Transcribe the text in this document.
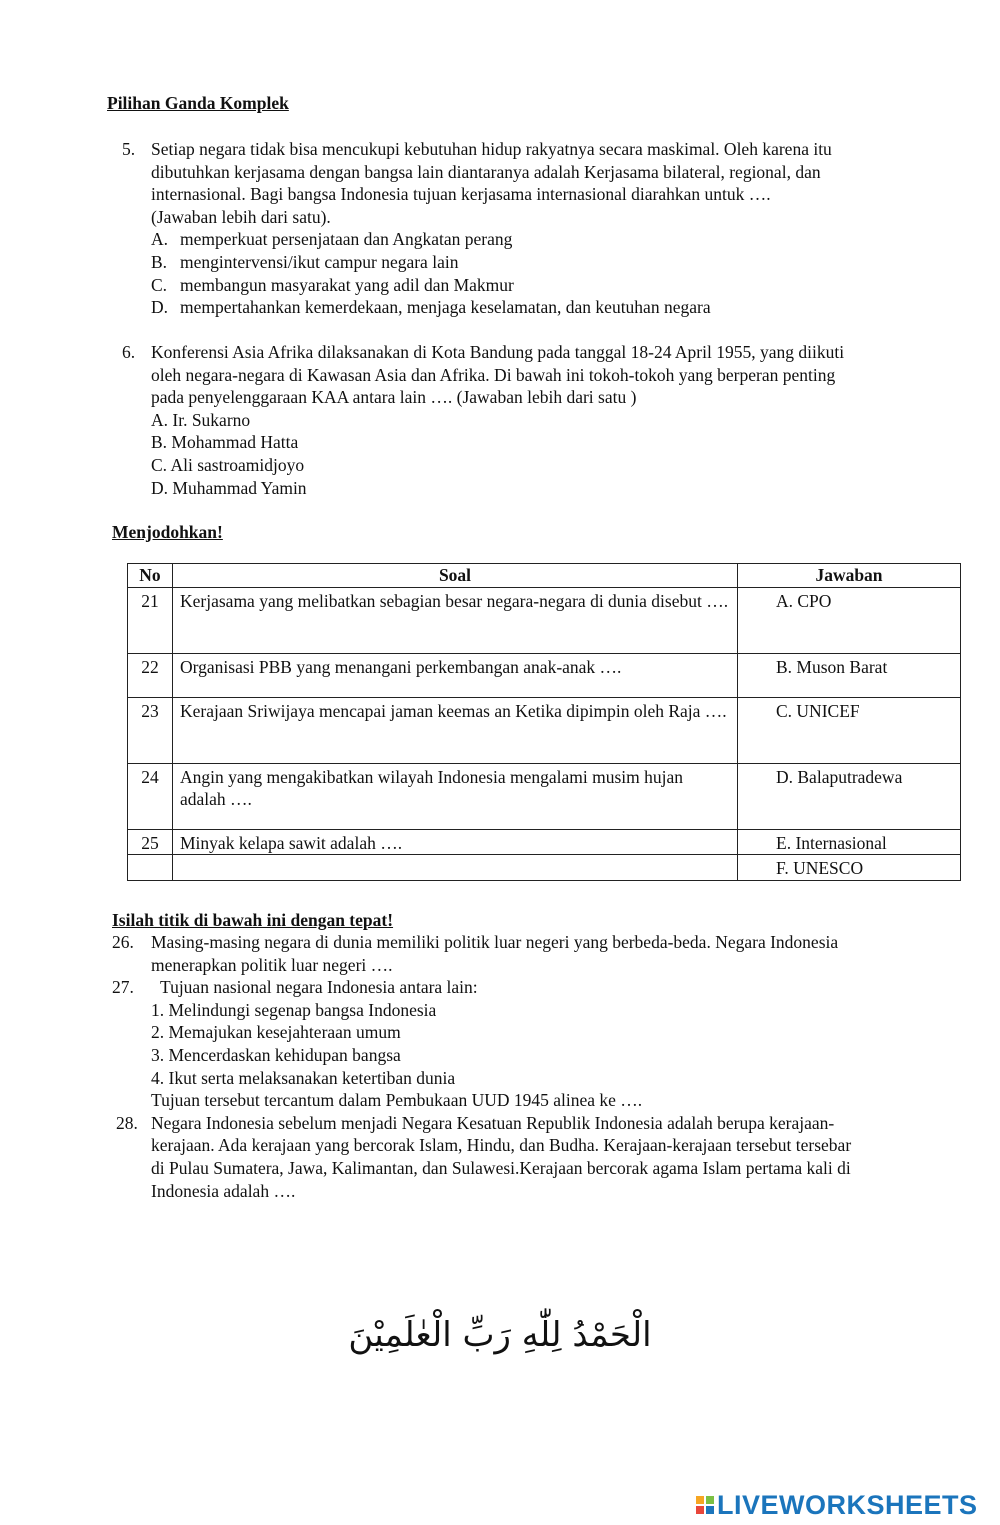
Pilihan Ganda Komplek
5. Setiap negara tidak bisa mencukupi kebutuhan hidup rakyatnya secara maskimal. Oleh karena itu
dibutuhkan kerjasama dengan bangsa lain diantaranya adalah Kerjasama bilateral, regional, dan
internasional. Bagi bangsa Indonesia tujuan kerjasama internasional diarahkan untuk ….
(Jawaban lebih dari satu).
A. memperkuat persenjataan dan Angkatan perang
B. mengintervensi/ikut campur negara lain
C. membangun masyarakat yang adil dan Makmur
D. mempertahankan kemerdekaan, menjaga keselamatan, dan keutuhan negara
6. Konferensi Asia Afrika dilaksanakan di Kota Bandung pada tanggal 18-24 April 1955, yang diikuti
oleh negara-negara di Kawasan Asia dan Afrika. Di bawah ini tokoh-tokoh yang berperan penting
pada penyelenggaraan KAA antara lain …. (Jawaban lebih dari satu )
A. Ir. Sukarno
B. Mohammad Hatta
C. Ali sastroamidjoyo
D. Muhammad Yamin
Menjodohkan!
No	Soal	Jawaban
21	Kerjasama yang melibatkan sebagian besar negara-negara di dunia disebut ….	A. CPO
22	Organisasi PBB yang menangani perkembangan anak-anak ….	B. Muson Barat
23	Kerajaan Sriwijaya mencapai jaman keemas an Ketika dipimpin oleh Raja ….	C. UNICEF
24	Angin yang mengakibatkan wilayah Indonesia mengalami musim hujan adalah ….	D. Balaputradewa
25	Minyak kelapa sawit adalah ….	E. Internasional
		F. UNESCO
Isilah titik di bawah ini dengan tepat!
26. Masing-masing negara di dunia memiliki politik luar negeri yang berbeda-beda. Negara Indonesia
menerapkan politik luar negeri ….
27. Tujuan nasional negara Indonesia antara lain:
1. Melindungi segenap bangsa Indonesia
2. Memajukan kesejahteraan umum
3. Mencerdaskan kehidupan bangsa
4. Ikut serta melaksanakan ketertiban dunia
Tujuan tersebut tercantum dalam Pembukaan UUD 1945 alinea ke ….
28. Negara Indonesia sebelum menjadi Negara Kesatuan Republik Indonesia adalah berupa kerajaan-
kerajaan. Ada kerajaan yang bercorak Islam, Hindu, dan Budha. Kerajaan-kerajaan tersebut tersebar
di Pulau Sumatera, Jawa, Kalimantan, dan Sulawesi.Kerajaan bercorak agama Islam pertama kali di
Indonesia adalah ….
الْحَمْدُ لِلّٰهِ رَبِّ الْعٰلَمِيْنَ
LIVEWORKSHEETS
